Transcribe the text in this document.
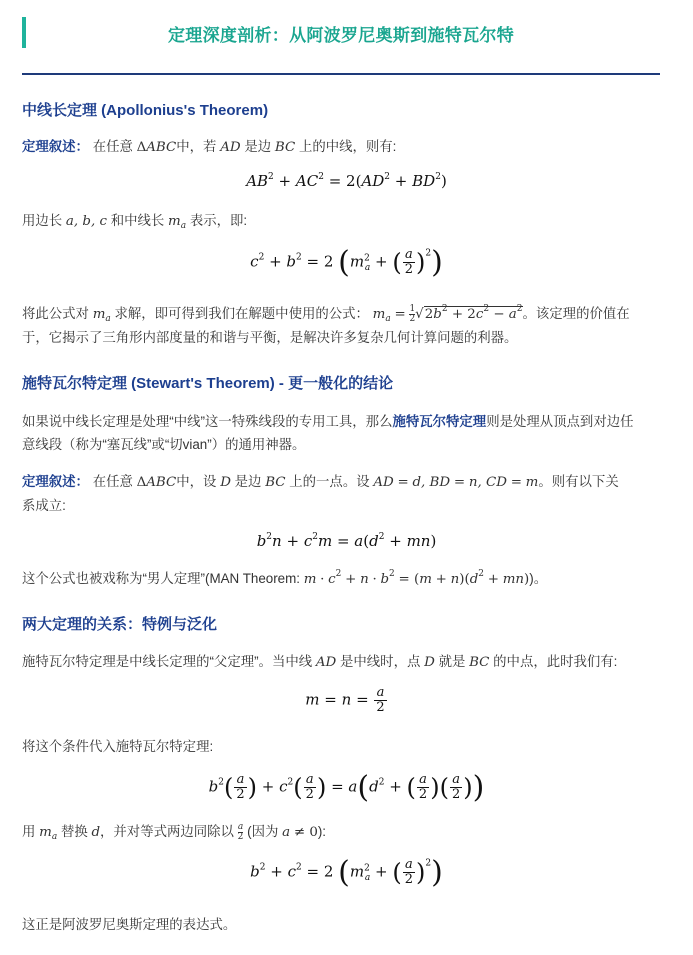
定理深度剖析：从阿波罗尼奥斯到施特瓦尔特
中线长定理 (Apollonius's Theorem)
定理叙述： 在任意 ΔABC中，若 AD 是边 BC 上的中线，则有:
$AB^2 + AC^2 = 2(AD^2 + BD^2)$
用边长 a, b, c 和中线长 $m_a$ 表示，即:
$c^2 + b^2 = 2$ ($m^2_a$ + ( $\frac{a}{2} )^2$)
将此公式对 $m_a$ 求解，即可得到我们在解题中使用的公式： $m_a = \frac{1}{2} √2b^2 + 2c^2 - a^2$。该定理的价值在
于，它揭示了三角形内部度量的和谐与平衡，是解决许多复杂几何计算问题的利器。
施特瓦尔特定理 (Stewart's Theorem) - 更一般化的结论
如果说中线长定理是处理“中线”这一特殊线段的专用工具，那么施特瓦尔特定理则是处理从顶点到对边任
意线段（称为“塞瓦线”或“切vian”）的通用神器。
定理叙述： 在任意 ΔABC中，设 D 是边 BC 上的一点。设 AD = d, BD = n, CD = m。则有以下关
系成立:
$b^2n + c^2m = a(d^2 + mn)$
这个公式也被戏称为“男人定理”(MAN Theorem: $m \cdot c^2 + n \cdot b^2 = (m + n)(d^2 + mn)$)。
两大定理的关系：特例与泛化
施特瓦尔特定理是中线长定理的“父定理”。当中线 AD 是中线时，点 D 就是 BC 的中点，此时我们有:
$m = n = \frac{a}{2}$
将这个条件代入施特瓦尔特定理:
$b^2( \frac{a}{2}$ ) + $c^2( \frac{a}{2}$ ) = $a(d^2$ + ( $\frac{a}{2}$ )( $\frac{a}{2}$ ))
用 $m_a$ 替换 d，并对等式两边同除以 $\frac{a}{2}$ (因为 a ≠ 0):
$b^2 + c^2 = 2$ ($m^2_a$ + ( $\frac{a}{2} )^2$)
这正是阿波罗尼奥斯定理的表达式。
